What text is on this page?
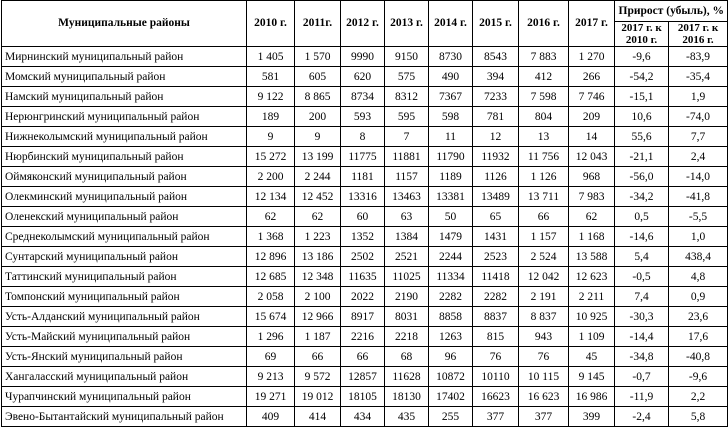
Муниципальные районы	2010 г.	2011г.	2012 г.	2013 г.	2014 г.	2015 г.	2016 г.	2017 г.	Прирост (убыль), %	
									2017 г. к 2010 г.	2017 г. к 2016 г.
Мирнинский муниципальный район	1 405	1 570	9990	9150	8730	8543	7 883	1 270	-9,6	-83,9
Момский муниципальный район	581	605	620	575	490	394	412	266	-54,2	-35,4
Намский муниципальный район	9 122	8 865	8734	8312	7367	7233	7 598	7 746	-15,1	1,9
Нерюнгринский муниципальный район	189	200	593	595	598	781	804	209	10,6	-74,0
Нижнеколымский муниципальный район	9	9	8	7	11	12	13	14	55,6	7,7
Нюрбинский муниципальный район	15 272	13 199	11775	11881	11790	11932	11 756	12 043	-21,1	2,4
Оймяконский муниципальный район	2 200	2 244	1181	1157	1189	1126	1 126	968	-56,0	-14,0
Олекминский муниципальный район	12 134	12 452	13316	13463	13381	13489	13 711	7 983	-34,2	-41,8
Оленекский муниципальный район	62	62	60	63	50	65	66	62	0,5	-5,5
Среднеколымский муниципальный район	1 368	1 223	1352	1384	1479	1431	1 157	1 168	-14,6	1,0
Сунтарский муниципальный район	12 896	13 186	2502	2521	2244	2523	2 524	13 588	5,4	438,4
Таттинский муниципальный район	12 685	12 348	11635	11025	11334	11418	12 042	12 623	-0,5	4,8
Томпонский муниципальный район	2 058	2 100	2022	2190	2282	2282	2 191	2 211	7,4	0,9
Усть-Алданский муниципальный район	15 674	12 966	8917	8031	8858	8837	8 837	10 925	-30,3	23,6
Усть-Майский муниципальный район	1 296	1 187	2216	2218	1263	815	943	1 109	-14,4	17,6
Усть-Янский муниципальный район	69	66	66	68	96	76	76	45	-34,8	-40,8
Хангаласский муниципальный район	9 213	9 572	12857	11628	10872	10110	10 115	9 145	-0,7	-9,6
Чурапчинский муниципальный район	19 271	19 012	18105	18130	17402	16623	16 623	16 986	-11,9	2,2
Эвено-Бытантайский муниципальный район	409	414	434	435	255	377	377	399	-2,4	5,8
